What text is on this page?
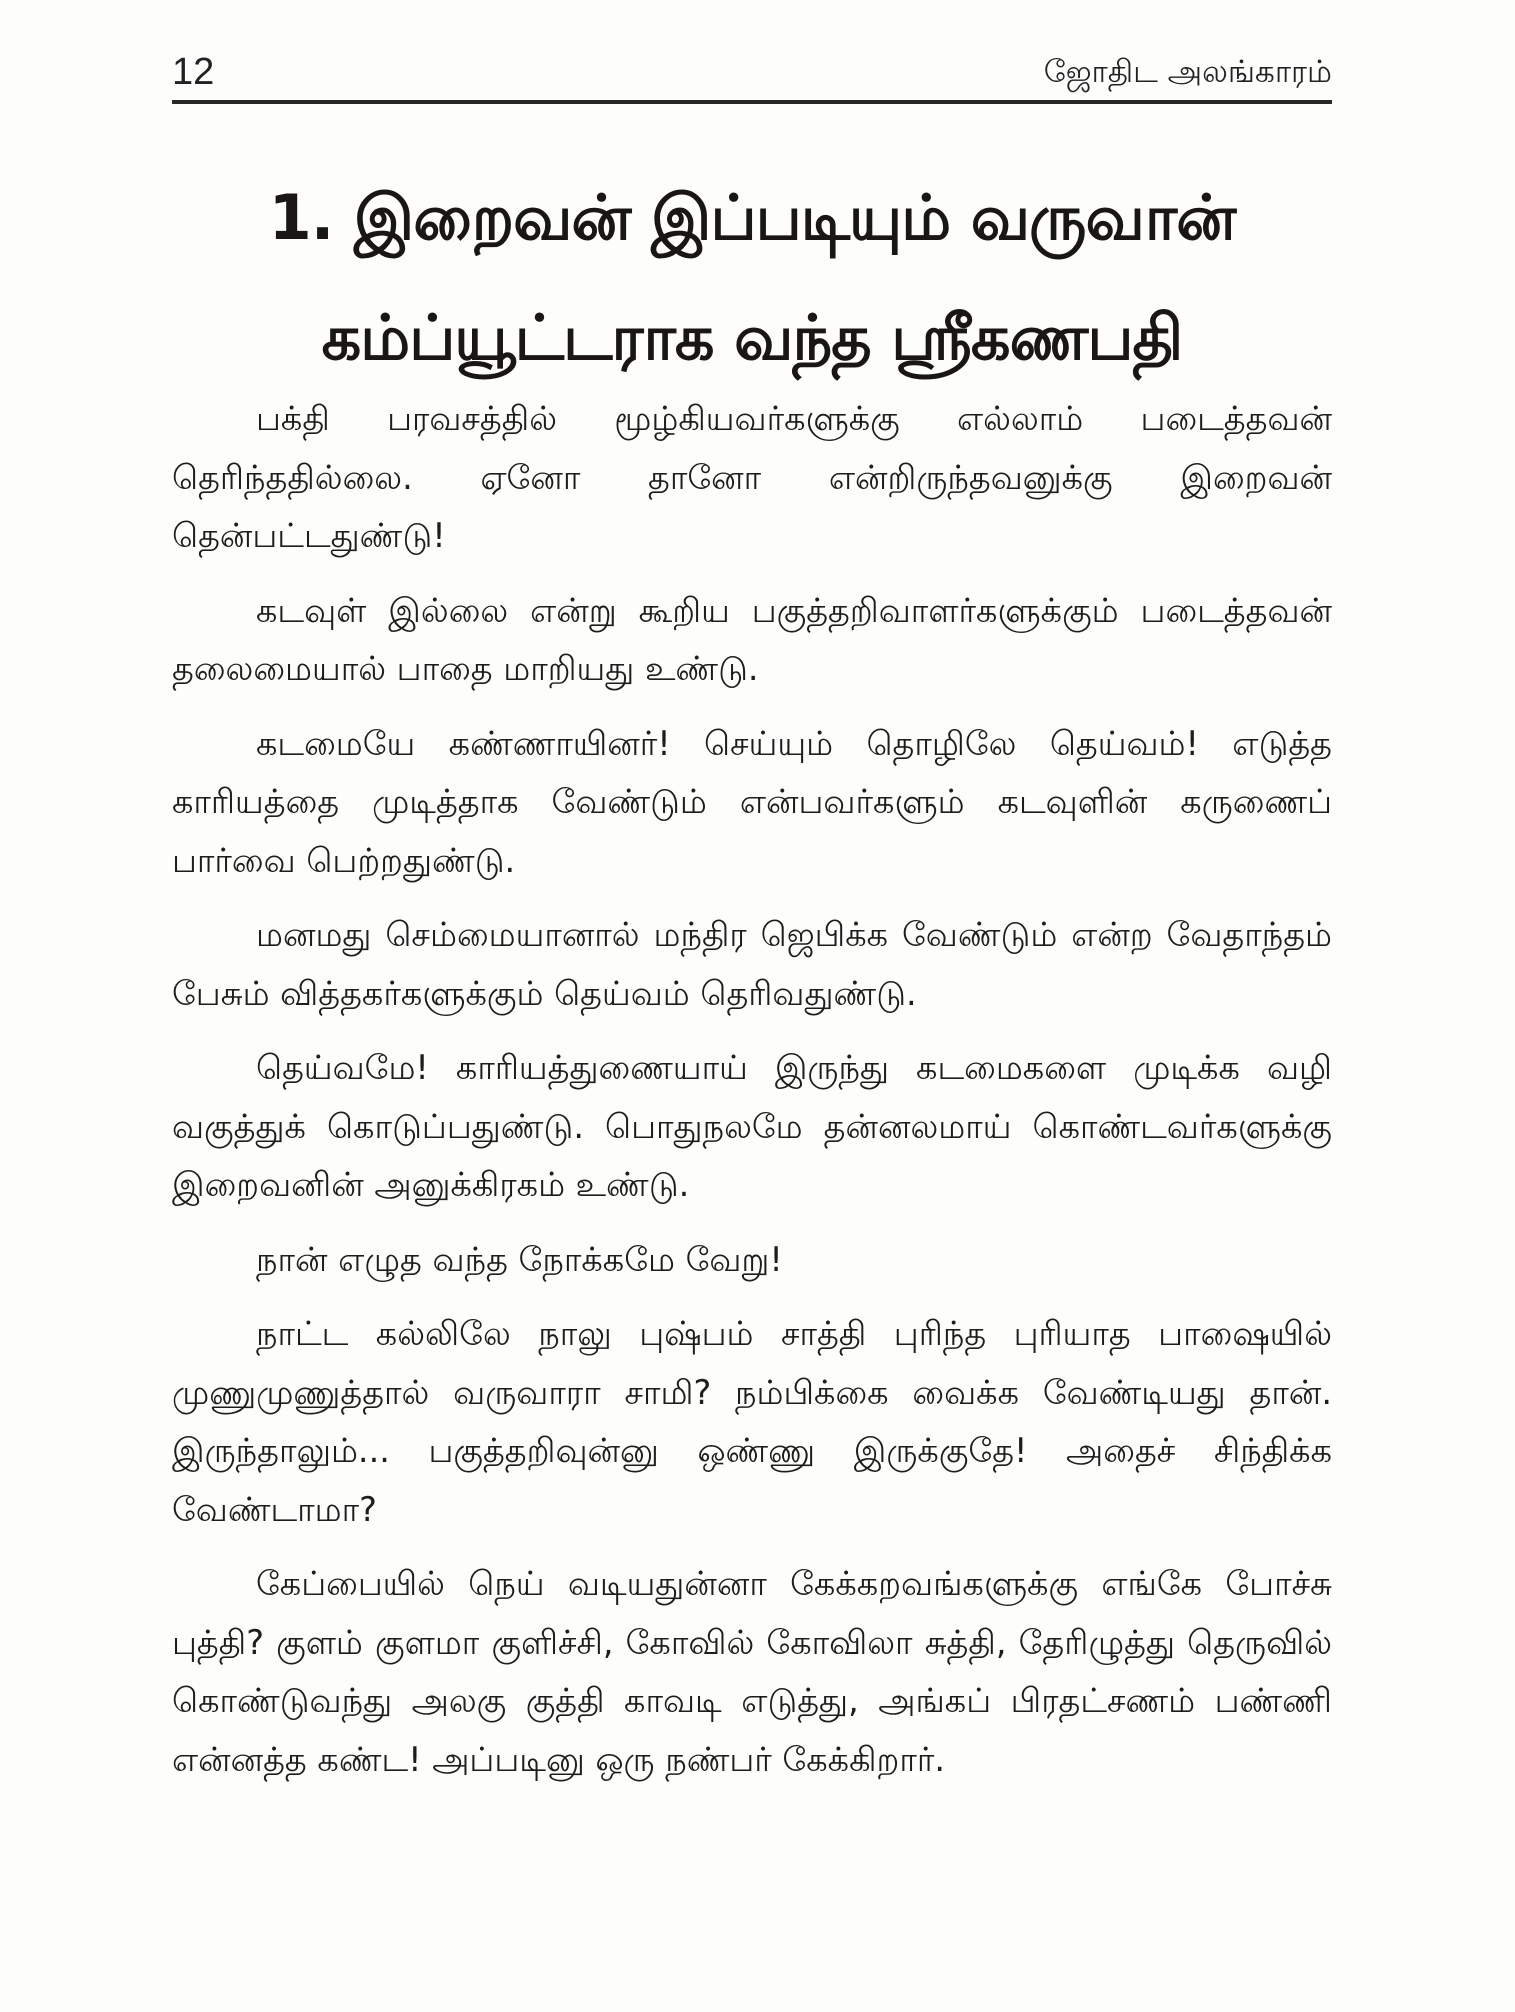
12	ஜோதிட அலங்காரம்
1. இறைவன் இப்படியும் வருவான்
கம்ப்யூட்டராக வந்த ஸ்ரீகணபதி

பக்தி பரவசத்தில் மூழ்கியவர்களுக்கு எல்லாம் படைத்தவன் தெரிந்ததில்லை. ஏனோ தானோ என்றிருந்தவனுக்கு இறைவன் தென்பட்டதுண்டு!

கடவுள் இல்லை என்று கூறிய பகுத்தறிவாளர்களுக்கும் படைத்தவன் தலைமையால் பாதை மாறியது உண்டு.

கடமையே கண்ணாயினர்! செய்யும் தொழிலே தெய்வம்! எடுத்த காரியத்தை முடித்தாக வேண்டும் என்பவர்களும் கடவுளின் கருணைப் பார்வை பெற்றதுண்டு.

மனமது செம்மையானால் மந்திர ஜெபிக்க வேண்டும் என்ற வேதாந்தம் பேசும் வித்தகர்களுக்கும் தெய்வம் தெரிவதுண்டு.

தெய்வமே! காரியத்துணையாய் இருந்து கடமைகளை முடிக்க வழி வகுத்துக் கொடுப்பதுண்டு. பொதுநலமே தன்னலமாய் கொண்டவர்களுக்கு இறைவனின் அனுக்கிரகம் உண்டு.

நான் எழுத வந்த நோக்கமே வேறு!

நாட்ட கல்லிலே நாலு புஷ்பம் சாத்தி புரிந்த புரியாத பாஷையில் முணுமுணுத்தால் வருவாரா சாமி? நம்பிக்கை வைக்க வேண்டியது தான். இருந்தாலும்... பகுத்தறிவுன்னு ஒண்ணு இருக்குதே! அதைச் சிந்திக்க வேண்டாமா?

கேப்பையில் நெய் வடியதுன்னா கேக்கறவங்களுக்கு எங்கே போச்சு புத்தி? குளம் குளமா குளிச்சி, கோவில் கோவிலா சுத்தி, தேரிழுத்து தெருவில் கொண்டுவந்து அலகு குத்தி காவடி எடுத்து, அங்கப் பிரதட்சணம் பண்ணி என்னத்த கண்ட! அப்படினு ஒரு நண்பர் கேக்கிறார்.
